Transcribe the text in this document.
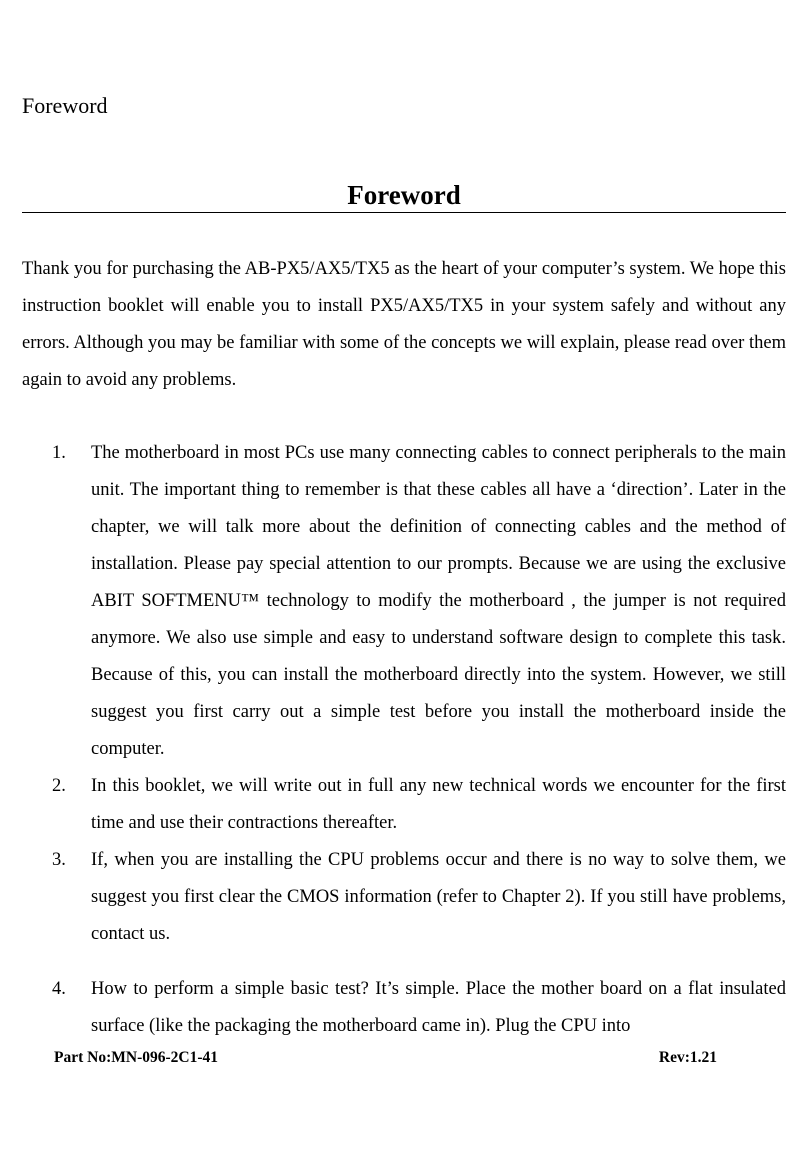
Foreword
Foreword

Thank you for purchasing the AB-PX5/AX5/TX5 as the heart of your computer’s system. We hope this instruction booklet will enable you to install PX5/AX5/TX5 in your system safely and without any errors. Although you may be familiar with some of the concepts we will explain, please read over them again to avoid any problems.

1. The motherboard in most PCs use many connecting cables to connect peripherals to the main unit. The important thing to remember is that these cables all have a ‘direction’. Later in the chapter, we will talk more about the definition of connecting cables and the method of installation. Please pay special attention to our prompts. Because we are using the exclusive ABIT SOFTMENU™ technology to modify the motherboard , the jumper is not required anymore. We also use simple and easy to understand software design to complete this task. Because of this, you can install the motherboard directly into the system. However, we still suggest you first carry out a simple test before you install the motherboard inside the computer.
2. In this booklet, we will write out in full any new technical words we encounter for the first time and use their contractions thereafter.
3. If, when you are installing the CPU problems occur and there is no way to solve them, we suggest you first clear the CMOS information (refer to Chapter 2). If you still have problems, contact us.
4. How to perform a simple basic test? It’s simple. Place the mother board on a flat insulated surface (like the packaging the motherboard came in). Plug the CPU into
Part No:MN-096-2C1-41	Rev:1.21
